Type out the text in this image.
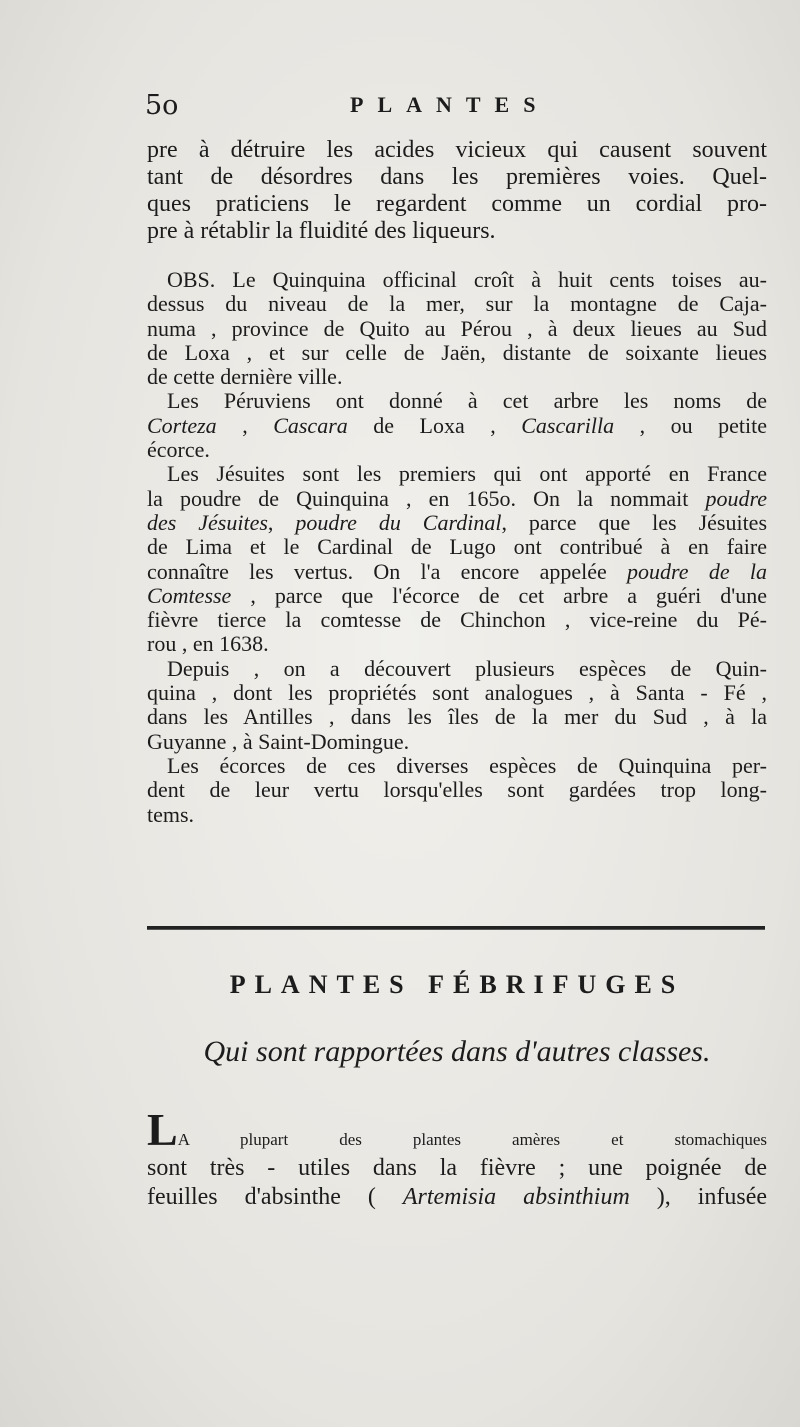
5o	PLANTES
pre à détruire les acides vicieux qui causent souvent
tant de désordres dans les premières voies. Quel-
ques praticiens le regardent comme un cordial pro-
pre à rétablir la fluidité des liqueurs.
OBS. Le Quinquina officinal croît à huit cents toises au-
dessus du niveau de la mer, sur la montagne de Caja-
numa , province de Quito au Pérou , à deux lieues au Sud
de Loxa , et sur celle de Jaën, distante de soixante lieues
de cette dernière ville.
Les Péruviens ont donné à cet arbre les noms de
Corteza , Cascara de Loxa , Cascarilla , ou petite
écorce.
Les Jésuites sont les premiers qui ont apporté en France
la poudre de Quinquina , en 165o. On la nommait poudre
des Jésuites, poudre du Cardinal, parce que les Jésuites
de Lima et le Cardinal de Lugo ont contribué à en faire
connaître les vertus. On l'a encore appelée poudre de la
Comtesse , parce que l'écorce de cet arbre a guéri d'une
fièvre tierce la comtesse de Chinchon , vice-reine du Pé-
rou , en 1638.
Depuis , on a découvert plusieurs espèces de Quin-
quina , dont les propriétés sont analogues , à Santa - Fé ,
dans les Antilles , dans les îles de la mer du Sud , à la
Guyanne , à Saint-Domingue.
Les écorces de ces diverses espèces de Quinquina per-
dent de leur vertu lorsqu'elles sont gardées trop long-
tems.
PLANTES FÉBRIFUGES
Qui sont rapportées dans d'autres classes.
LA plupart des plantes amères et stomachiques
sont très - utiles dans la fièvre ; une poignée de
feuilles d'absinthe ( Artemisia absinthium ), infusée
